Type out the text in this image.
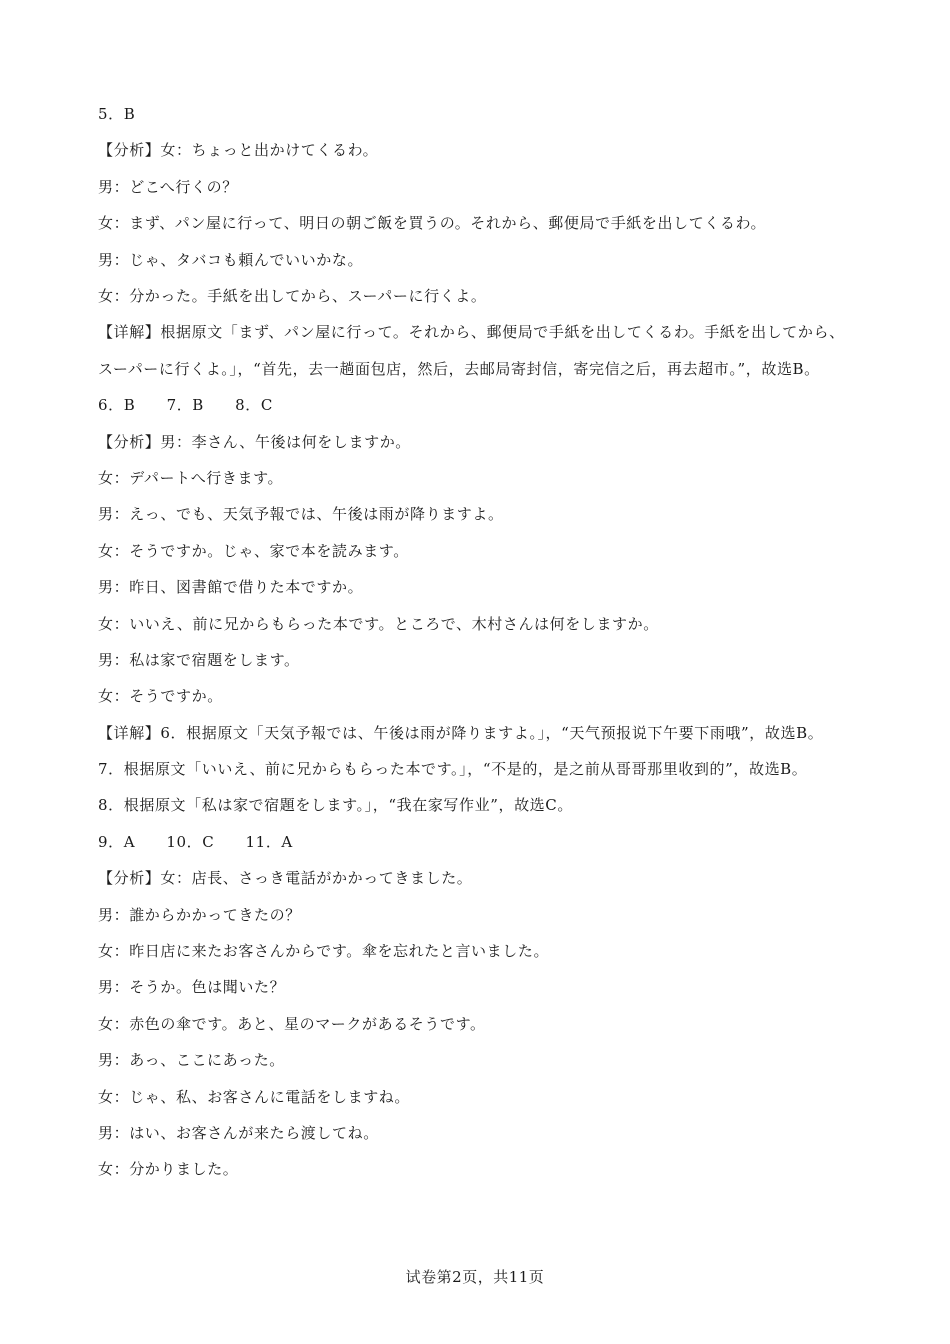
5．B
【分析】女：ちょっと出かけてくるわ。
男：どこへ行くの？
女：まず、パン屋に行って、明日の朝ご飯を買うの。それから、郵便局で手紙を出してくるわ。
男：じゃ、タバコも頼んでいいかな。
女：分かった。手紙を出してから、スーパーに行くよ。
【详解】根据原文「まず、パン屋に行って。それから、郵便局で手紙を出してくるわ。手紙を出してから、スーパーに行くよ。」，“首先，去一趟面包店，然后，去邮局寄封信，寄完信之后，再去超市。”，故选B。
6．B　　7．B　　8．C
【分析】男：李さん、午後は何をしますか。
女：デパートへ行きます。
男：えっ、でも、天気予報では、午後は雨が降りますよ。
女：そうですか。じゃ、家で本を読みます。
男：昨日、図書館で借りた本ですか。
女：いいえ、前に兄からもらった本です。ところで、木村さんは何をしますか。
男：私は家で宿題をします。
女：そうですか。
【详解】6．根据原文「天気予報では、午後は雨が降りますよ。」，“天气预报说下午要下雨哦”，故选B。
7．根据原文「いいえ、前に兄からもらった本です。」，“不是的，是之前从哥哥那里收到的”，故选B。
8．根据原文「私は家で宿題をします。」，“我在家写作业”，故选C。
9．A　　10．C　　11．A
【分析】女：店長、さっき電話がかかってきました。
男：誰からかかってきたの？
女：昨日店に来たお客さんからです。傘を忘れたと言いました。
男：そうか。色は聞いた？
女：赤色の傘です。あと、星のマークがあるそうです。
男：あっ、ここにあった。
女：じゃ、私、お客さんに電話をしますね。
男：はい、お客さんが来たら渡してね。
女：分かりました。
试卷第2页，共11页
